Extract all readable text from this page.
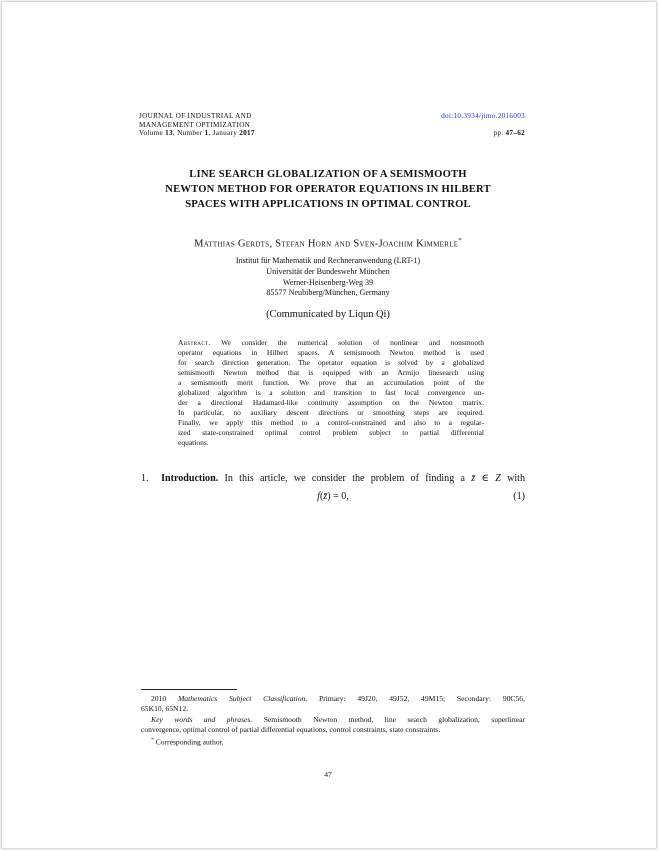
JOURNAL OF INDUSTRIAL AND
MANAGEMENT OPTIMIZATION
Volume 13, Number 1, January 2017
doi:10.3934/jimo.2016003
pp. 47–62
LINE SEARCH GLOBALIZATION OF A SEMISMOOTH
NEWTON METHOD FOR OPERATOR EQUATIONS IN HILBERT
SPACES WITH APPLICATIONS IN OPTIMAL CONTROL
Matthias Gerdts, Stefan Horn and Sven-Joachim Kimmerle*
Institut für Mathematik und Rechneranwendung (LRT-1)
Universität der Bundeswehr München
Werner-Heisenberg-Weg 39
85577 Neubiberg/München, Germany
(Communicated by Liqun Qi)
Abstract. We consider the numerical solution of nonlinear and nonsmooth
operator equations in Hilbert spaces. A semismooth Newton method is used
for search direction generation. The operator equation is solved by a globalized
semismooth Newton method that is equipped with an Armijo linesearch using
a semismooth merit function. We prove that an accumulation point of the
globalized algorithm is a solution and transition to fast local convergence un-
der a directional Hadamard-like continuity assumption on the Newton matrix.
In particular, no auxiliary descent directions or smoothing steps are required.
Finally, we apply this method to a control-constrained and also to a regular-
ized state-constrained optimal control problem subject to partial differential
equations.
1. Introduction. In this article, we consider the problem of finding a z̄ ∈ Z with
f(z̄) = 0,	(1)
2010 Mathematics Subject Classification. Primary: 49J20, 49J52, 49M15; Secondary: 90C56,
65K10, 65N12.
Key words and phrases. Semismooth Newton method, line search globalization, superlinear
convergence, optimal control of partial differential equations, control constraints, state constraints.
* Corresponding author.
47
